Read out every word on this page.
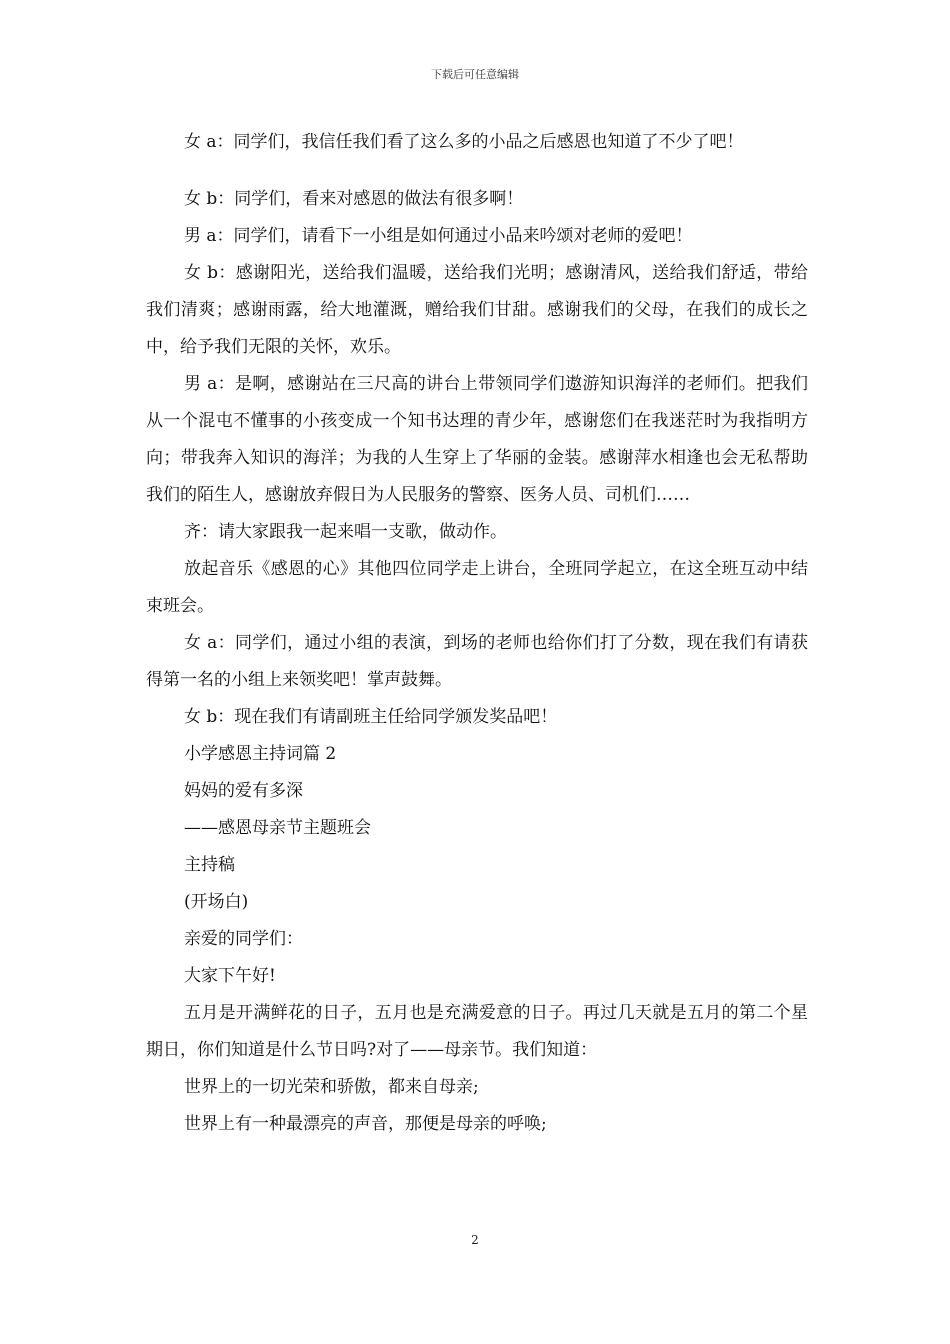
下载后可任意编辑

女 a：同学们，我信任我们看了这么多的小品之后感恩也知道了不少了吧！

女 b：同学们，看来对感恩的做法有很多啊！

男 a：同学们，请看下一小组是如何通过小品来吟颂对老师的爱吧！

女 b：感谢阳光，送给我们温暖，送给我们光明；感谢清风，送给我们舒适，带给我们清爽；感谢雨露，给大地灌溉，赠给我们甘甜。感谢我们的父母，在我们的成长之中，给予我们无限的关怀，欢乐。

男 a：是啊，感谢站在三尺高的讲台上带领同学们遨游知识海洋的老师们。把我们从一个混屯不懂事的小孩变成一个知书达理的青少年，感谢您们在我迷茫时为我指明方向；带我奔入知识的海洋；为我的人生穿上了华丽的金装。感谢萍水相逢也会无私帮助我们的陌生人，感谢放弃假日为人民服务的警察、医务人员、司机们……

齐：请大家跟我一起来唱一支歌，做动作。

放起音乐《感恩的心》其他四位同学走上讲台，全班同学起立，在这全班互动中结束班会。

女 a：同学们，通过小组的表演，到场的老师也给你们打了分数，现在我们有请获得第一名的小组上来领奖吧！掌声鼓舞。

女 b：现在我们有请副班主任给同学颁发奖品吧！

小学感恩主持词篇 2

妈妈的爱有多深

——感恩母亲节主题班会

主持稿

(开场白)

亲爱的同学们：

大家下午好!

五月是开满鲜花的日子，五月也是充满爱意的日子。再过几天就是五月的第二个星期日，你们知道是什么节日吗?对了——母亲节。我们知道：

世界上的一切光荣和骄傲，都来自母亲;

世界上有一种最漂亮的声音，那便是母亲的呼唤;

2
